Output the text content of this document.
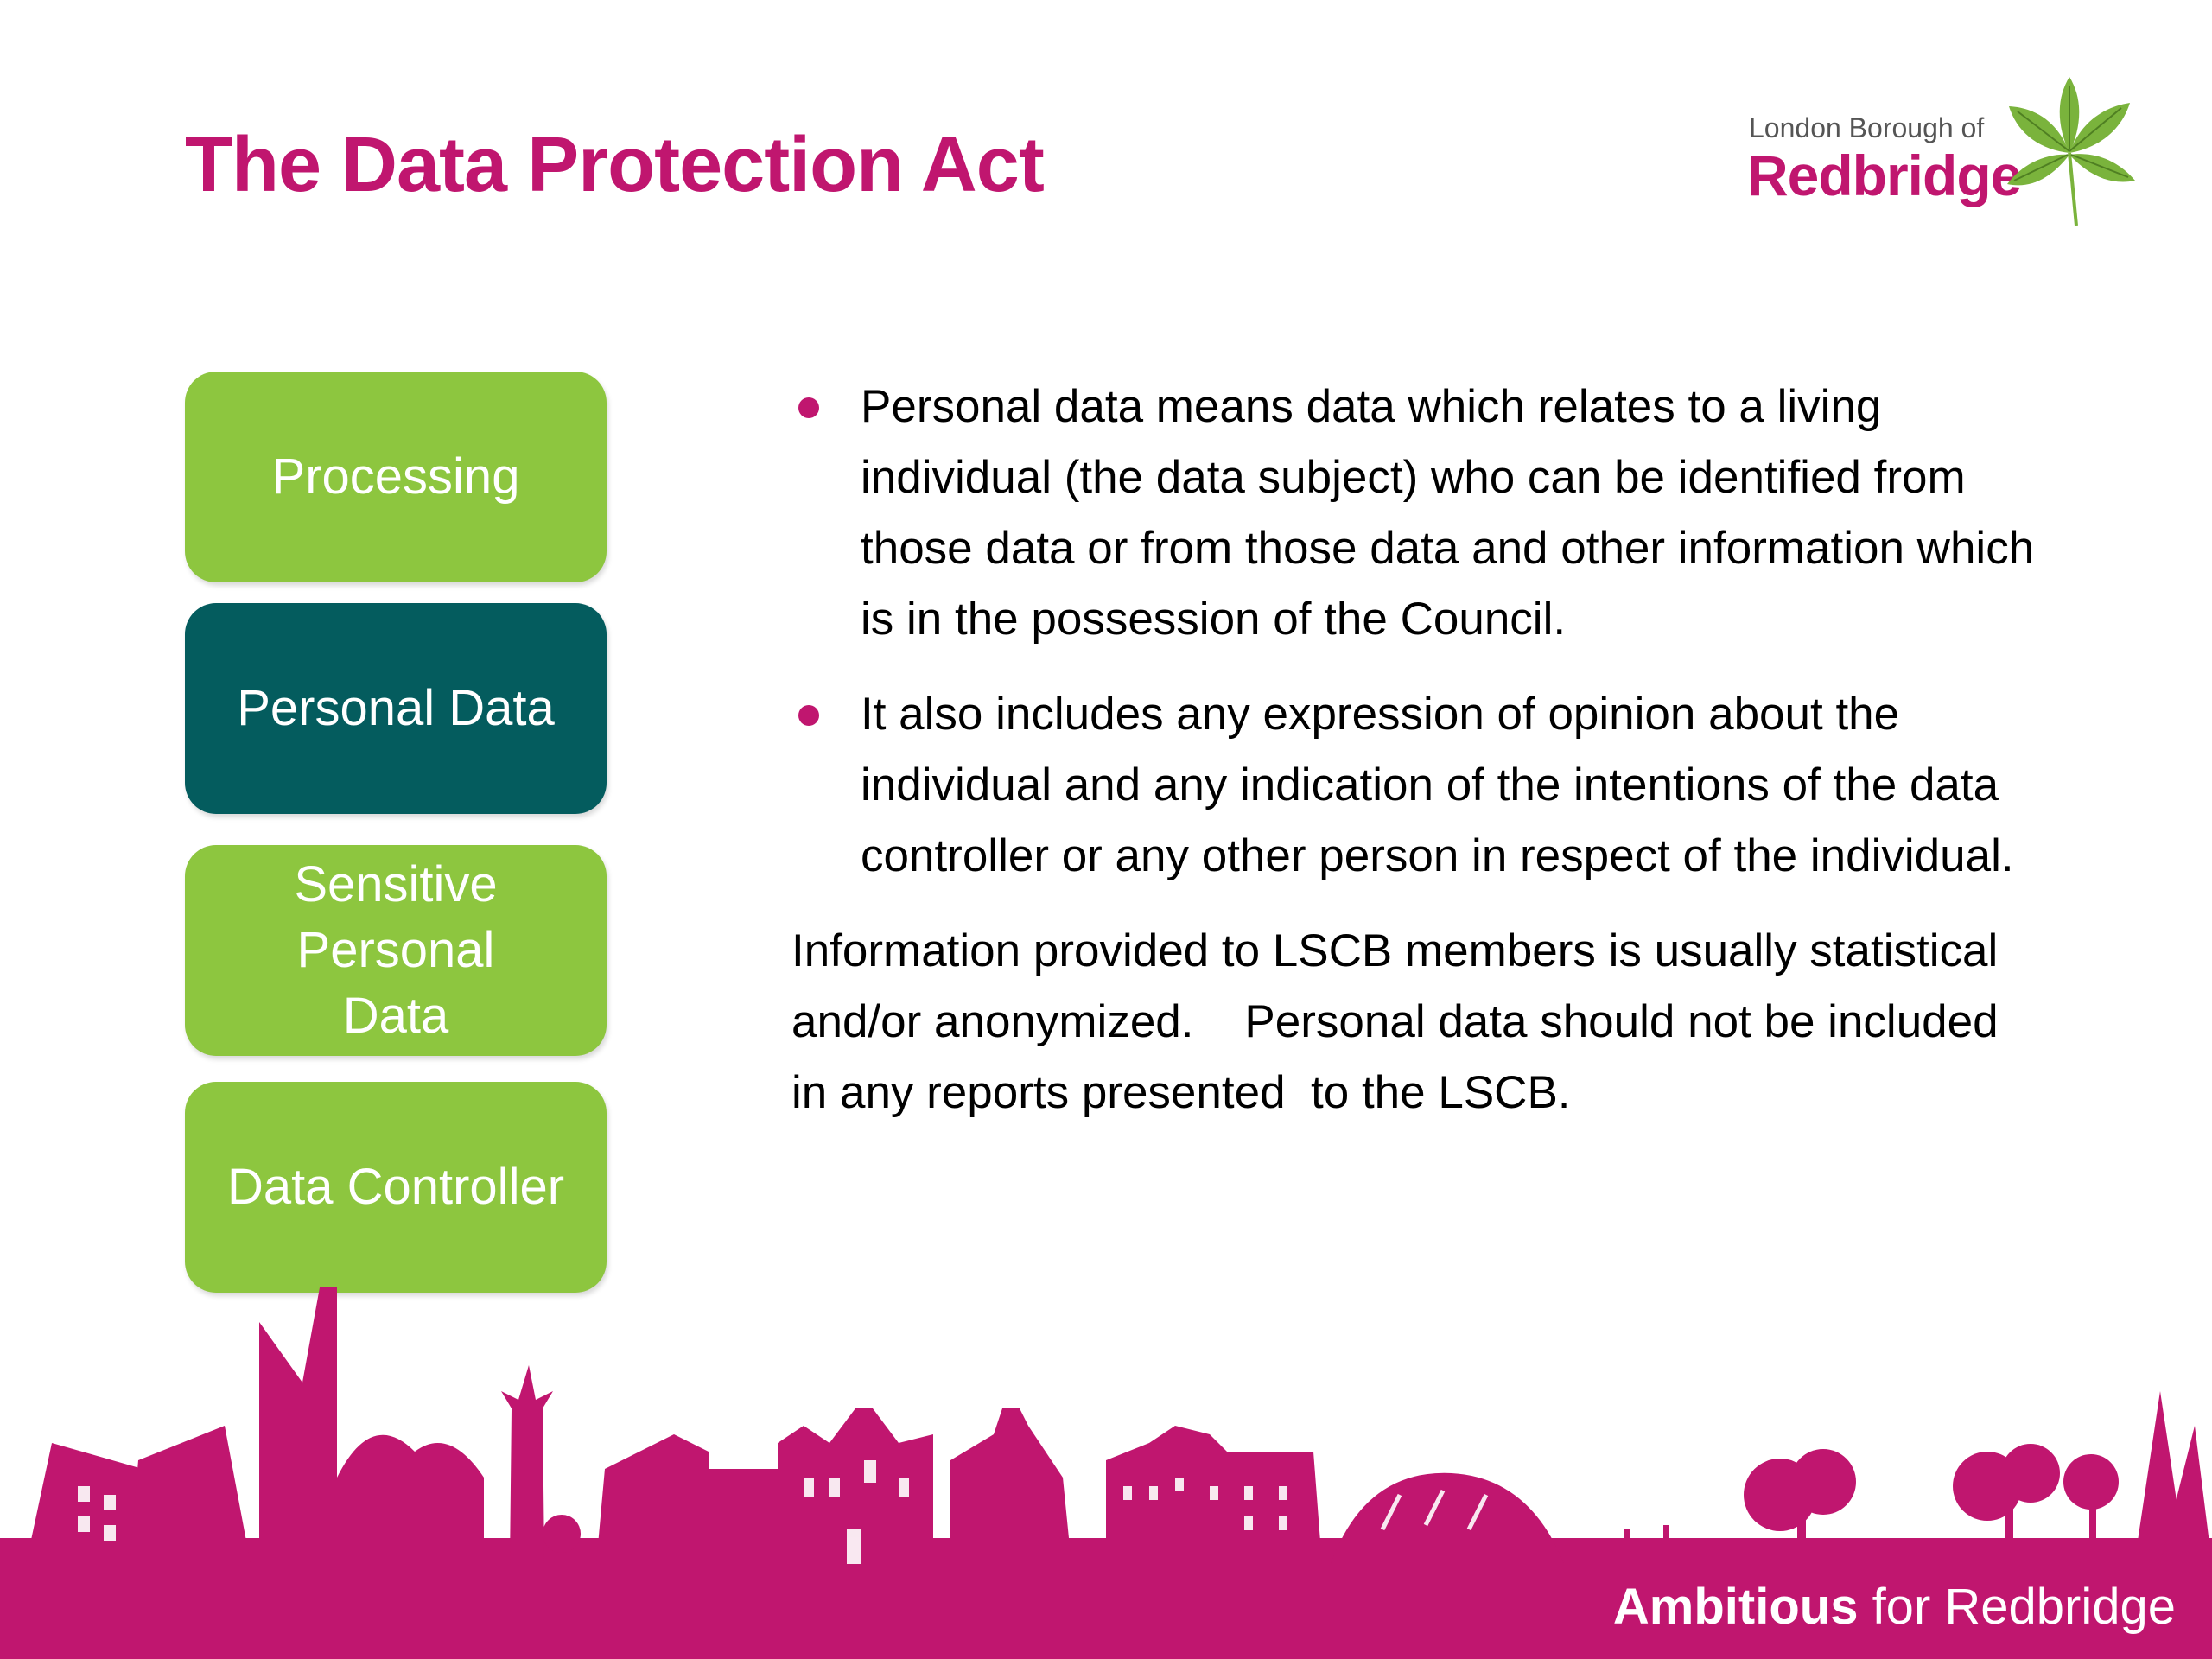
The Data Protection Act	London Borough of
Redbridge
Processing
Personal Data
Sensitive Personal Data
Data Controller
Personal data means data which relates to a living individual (the data subject) who can be identified from those data or from those data and other information which is in the possession of the Council.
It also includes any expression of opinion about the individual and any indication of the intentions of the data controller or any other person in respect of the individual.
Information provided to LSCB members is usually statistical and/or anonymized.    Personal data should not be included in any reports presented  to the LSCB.
Ambitious for Redbridge
